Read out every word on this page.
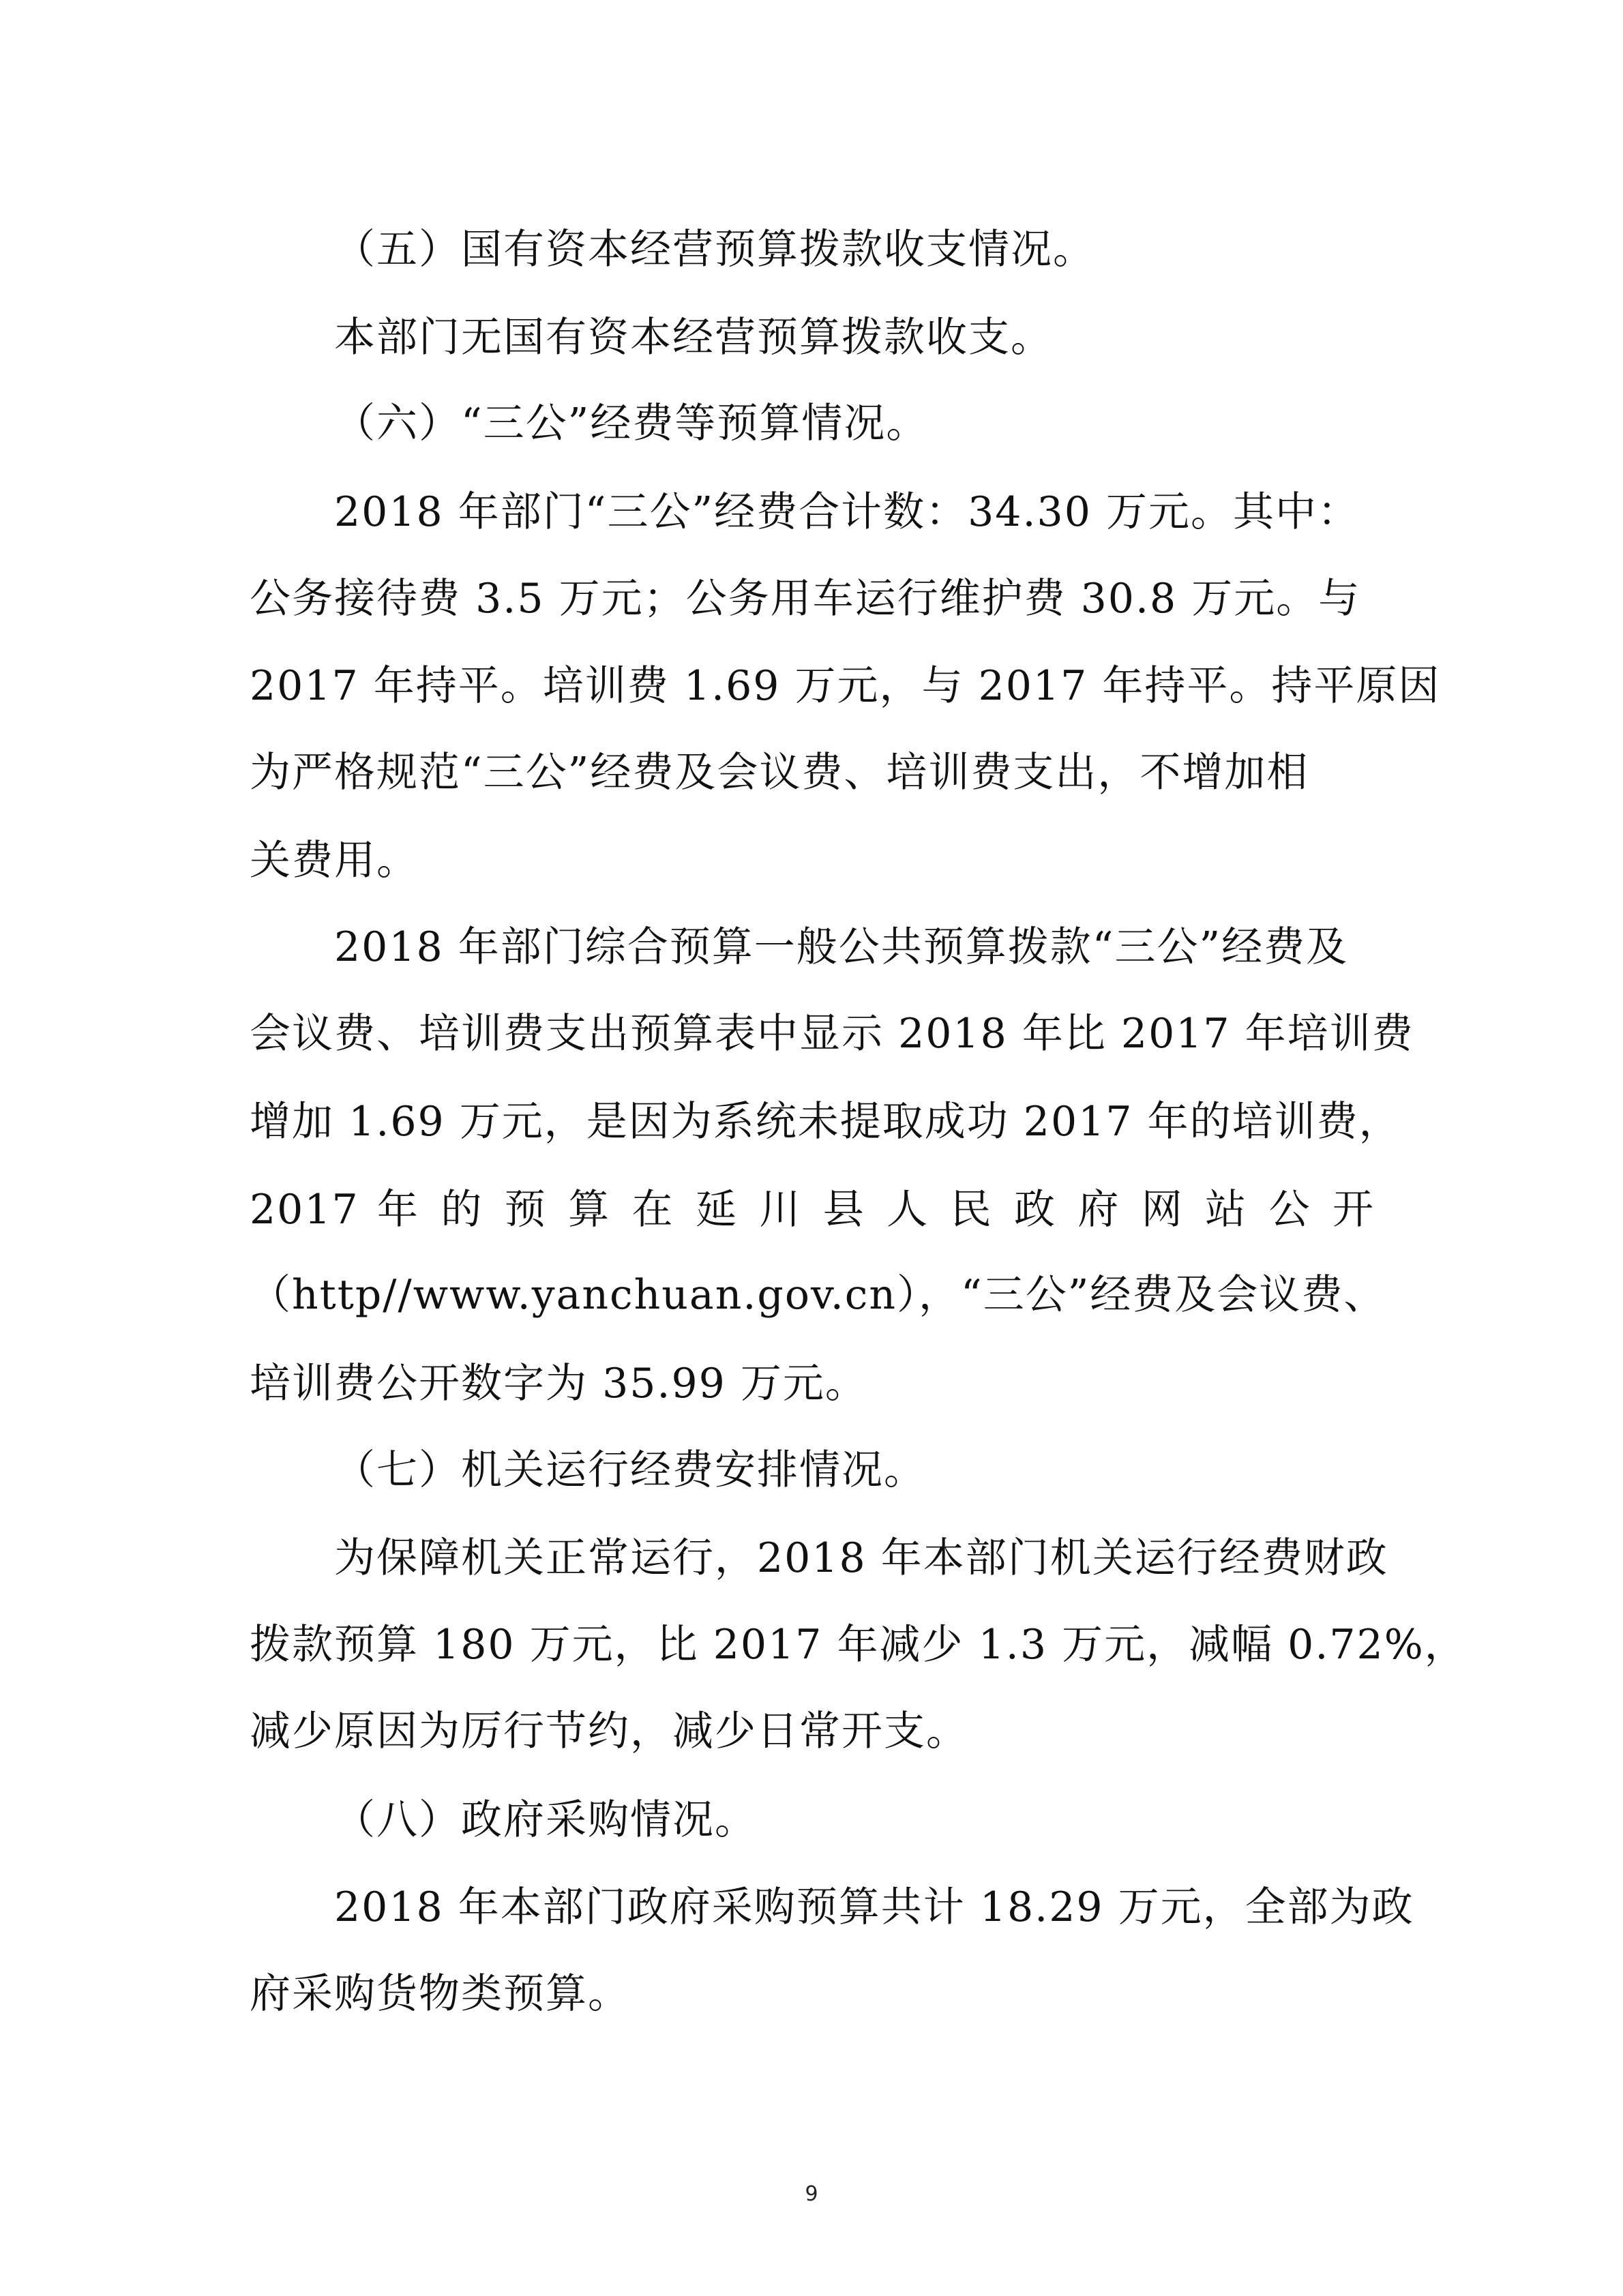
（五）国有资本经营预算拨款收支情况。
本部门无国有资本经营预算拨款收支。
（六）“三公”经费等预算情况。
2018 年部门“三公”经费合计数：34.30 万元。其中：
公务接待费 3.5 万元；公务用车运行维护费 30.8 万元。与
2017 年持平。培训费 1.69 万元，与 2017 年持平。持平原因
为严格规范“三公”经费及会议费、培训费支出，不增加相
关费用。
2018 年部门综合预算一般公共预算拨款“三公”经费及
会议费、培训费支出预算表中显示 2018 年比 2017 年培训费
增加 1.69 万元，是因为系统未提取成功 2017 年的培训费，
2017 年 的 预 算 在 延 川 县 人 民 政 府 网 站 公 开
（http//www.yanchuan.gov.cn），“三公”经费及会议费、
培训费公开数字为 35.99 万元。
（七）机关运行经费安排情况。
为保障机关正常运行，2018 年本部门机关运行经费财政
拨款预算 180 万元，比 2017 年减少 1.3 万元，减幅 0.72%，
减少原因为厉行节约，减少日常开支。
（八）政府采购情况。
2018 年本部门政府采购预算共计 18.29 万元，全部为政
府采购货物类预算。
9
